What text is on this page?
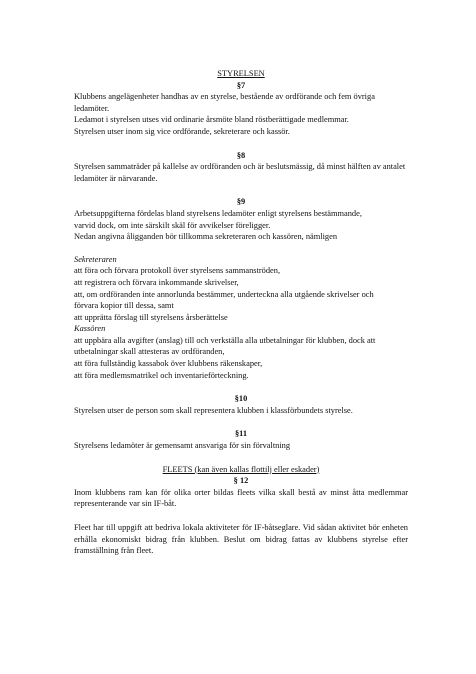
STYRELSEN

§7

Klubbens angelägenheter handhas av en styrelse, bestående av ordförande och fem övriga ledamöter.

Ledamot i styrelsen utses vid ordinarie årsmöte bland röstberättigade medlemmar.

Styrelsen utser inom sig vice ordförande, sekreterare och kassör.

§8

Styrelsen sammaträder på kallelse av ordföranden och är beslutsmässig, då minst hälften av antalet ledamöter är närvarande.

§9

Arbetsuppgifterna fördelas bland styrelsens ledamöter enligt styrelsens bestämmande,

varvid dock, om inte särskilt skäl för avvikelser föreligger.

Nedan angivna åligganden bör tillkomma sekreteraren och kassören, nämligen

Sekreteraren

att föra och förvara protokoll över styrelsens sammanströden,

att registrera och förvara inkommande skrivelser,

att, om ordföranden inte annorlunda bestämmer, underteckna alla utgående skrivelser och

förvara kopior till dessa, samt

att upprätta förslag till styrelsens årsberättelse

Kassören

att uppbära alla avgifter (anslag) till och verkställa alla utbetalningar för klubben, dock att

utbetalningar skall attesteras av ordföranden,

att föra fullständig kassabok över klubbens räkenskaper,

att föra medlemsmatrikel och inventarieförteckning.

§10

Styrelsen utser de person som skall representera klubben i klassförbundets styrelse.

§11

Styrelsens ledamöter är gemensamt ansvariga för sin förvaltning

FLEETS (kan även kallas flottilj eller eskader)

§ 12

Inom klubbens ram kan för olika orter bildas fleets vilka skall bestå av minst åtta medlemmar representerande var sin IF-båt.

Fleet har till uppgift att bedriva lokala aktiviteter för IF-båtseglare. Vid sådan aktivitet bör enheten erhålla ekonomiskt bidrag från klubben. Beslut om bidrag fattas av klubbens styrelse efter framställning från fleet.
